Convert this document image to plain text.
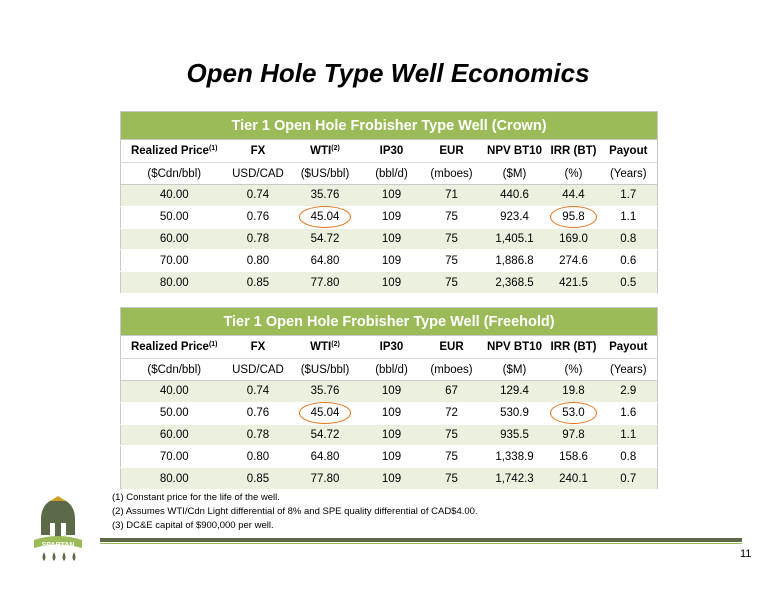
Open Hole Type Well Economics
Tier 1 Open Hole Frobisher Type Well (Crown)							
Realized Price$^{(1)}$	FX	WTI$^{(2)}$	IP30	EUR	NPV BT10	IRR (BT)	Payout
($Cdn/bbl)	USD/CAD	($US/bbl)	(bbl/d)	(mboes)	($M)	(%)	(Years)
40.00	0.74	35.76	109	71	440.6	44.4	1.7
50.00	0.76	45.04	109	75	923.4	95.8	1.1
60.00	0.78	54.72	109	75	1,405.1	169.0	0.8
70.00	0.80	64.80	109	75	1,886.8	274.6	0.6
80.00	0.85	77.80	109	75	2,368.5	421.5	0.5
Tier 1 Open Hole Frobisher Type Well (Freehold)							
Realized Price$^{(1)}$	FX	WTI$^{(2)}$	IP30	EUR	NPV BT10	IRR (BT)	Payout
($Cdn/bbl)	USD/CAD	($US/bbl)	(bbl/d)	(mboes)	($M)	(%)	(Years)
40.00	0.74	35.76	109	67	129.4	19.8	2.9
50.00	0.76	45.04	109	72	530.9	53.0	1.6
60.00	0.78	54.72	109	75	935.5	97.8	1.1
70.00	0.80	64.80	109	75	1,338.9	158.6	0.8
80.00	0.85	77.80	109	75	1,742.3	240.1	0.7
(1) Constant price for the life of the well.
(2) Assumes WTI/Cdn Light differential of 8% and SPE quality differential of CAD$4.00.
(3) DC&E capital of $900,000 per well.
SPARTAN
11
